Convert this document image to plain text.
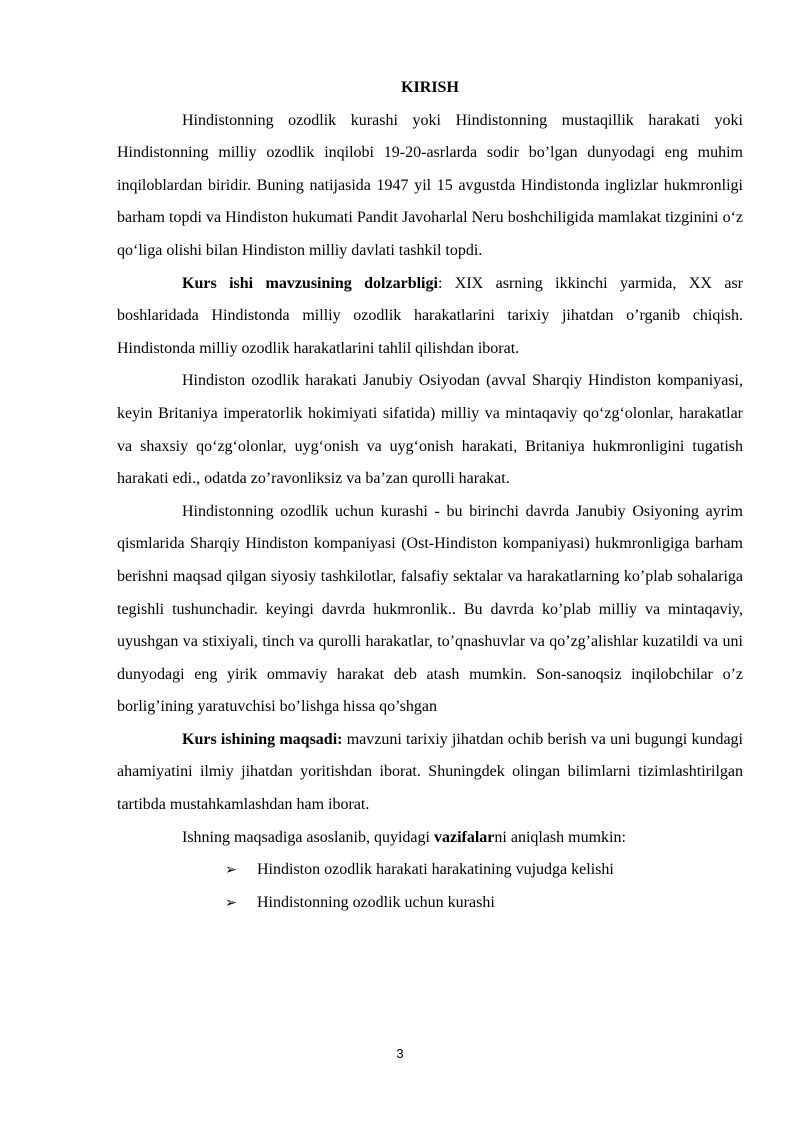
KIRISH

Hindistonning ozodlik kurashi yoki Hindistonning mustaqillik harakati yoki Hindistonning milliy ozodlik inqilobi 19-20-asrlarda sodir bo’lgan dunyodagi eng muhim inqiloblardan biridir. Buning natijasida 1947 yil 15 avgustda Hindistonda inglizlar hukmronligi barham topdi va Hindiston hukumati Pandit Javoharlal Neru boshchiligida mamlakat tizginini o‘z qo‘liga olishi bilan Hindiston milliy davlati tashkil topdi.

Kurs ishi mavzusining dolzarbligi: XIX asrning ikkinchi yarmida, XX asr boshlaridada Hindistonda milliy ozodlik harakatlarini tarixiy jihatdan o’rganib chiqish. Hindistonda milliy ozodlik harakatlarini tahlil qilishdan iborat.

Hindiston ozodlik harakati Janubiy Osiyodan (avval Sharqiy Hindiston kompaniyasi, keyin Britaniya imperatorlik hokimiyati sifatida) milliy va mintaqaviy qo‘zg‘olonlar, harakatlar va shaxsiy qo‘zg‘olonlar, uyg‘onish va uyg‘onish harakati, Britaniya hukmronligini tugatish harakati edi., odatda zo’ravonliksiz va ba’zan qurolli harakat.

Hindistonning ozodlik uchun kurashi - bu birinchi davrda Janubiy Osiyoning ayrim qismlarida Sharqiy Hindiston kompaniyasi (Ost-Hindiston kompaniyasi) hukmronligiga barham berishni maqsad qilgan siyosiy tashkilotlar, falsafiy sektalar va harakatlarning ko’plab sohalariga tegishli tushunchadir. keyingi davrda hukmronlik.. Bu davrda ko’plab milliy va mintaqaviy, uyushgan va stixiyali, tinch va qurolli harakatlar, to’qnashuvlar va qo’zg’alishlar kuzatildi va uni dunyodagi eng yirik ommaviy harakat deb atash mumkin. Son-sanoqsiz inqilobchilar o’z borlig’ining yaratuvchisi bo’lishga hissa qo’shgan

Kurs ishining maqsadi: mavzuni tarixiy jihatdan ochib berish va uni bugungi kundagi ahamiyatini ilmiy jihatdan yoritishdan iborat. Shuningdek olingan bilimlarni tizimlashtirilgan tartibda mustahkamlashdan ham iborat.

Ishning maqsadiga asoslanib, quyidagi vazifalarni aniqlash mumkin:

➢ Hindiston ozodlik harakati harakatining vujudga kelishi
➢ Hindistonning ozodlik uchun kurashi
3
